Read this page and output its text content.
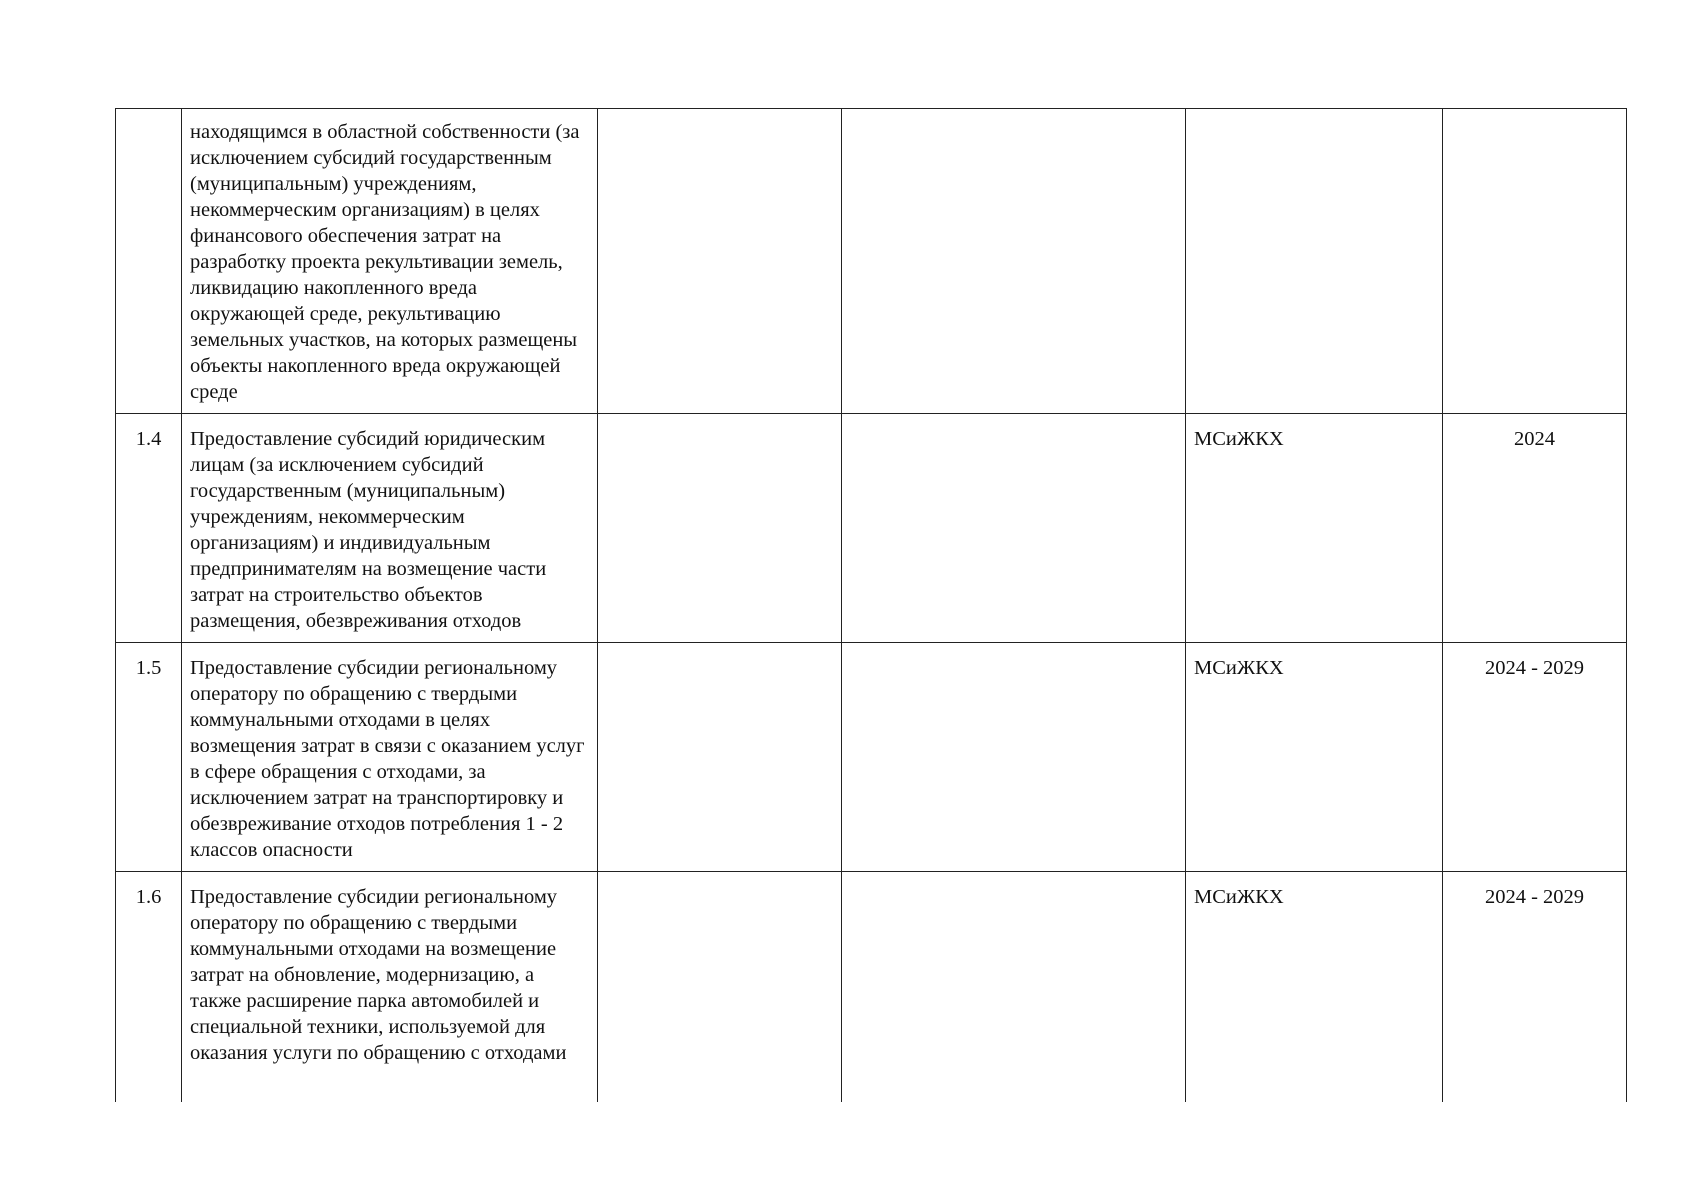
	находящимся в областной собственности (за исключением субсидий государственным (муниципальным) учреждениям, некоммерческим организациям) в целях финансового обеспечения затрат на разработку проекта рекультивации земель, ликвидацию накопленного вреда окружающей среде, рекультивацию земельных участков, на которых размещены объекты накопленного вреда окружающей среде				
1.4	Предоставление субсидий юридическим лицам (за исключением субсидий государственным (муниципальным) учреждениям, некоммерческим организациям) и индивидуальным предпринимателям на возмещение части затрат на строительство объектов размещения, обезвреживания отходов			МСиЖКХ	2024
1.5	Предоставление субсидии региональному оператору по обращению с твердыми коммунальными отходами в целях возмещения затрат в связи с оказанием услуг в сфере обращения с отходами, за исключением затрат на транспортировку и обезвреживание отходов потребления 1 - 2 классов опасности			МСиЖКХ	2024 - 2029
1.6	Предоставление субсидии региональному оператору по обращению с твердыми коммунальными отходами на возмещение затрат на обновление, модернизацию, а также расширение парка автомобилей и специальной техники, используемой для оказания услуги по обращению с отходами			МСиЖКХ	2024 - 2029
